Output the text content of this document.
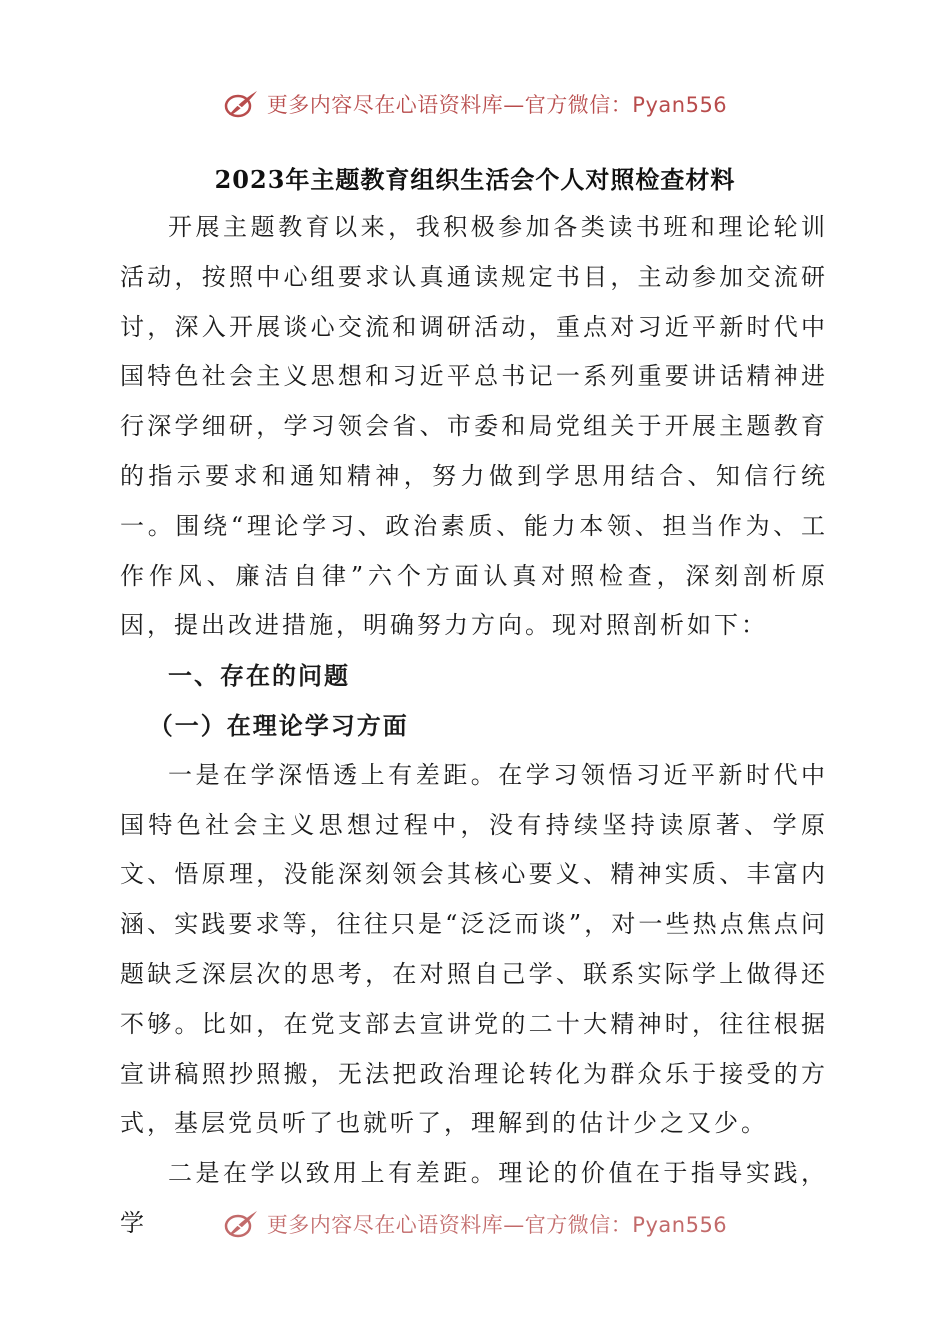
更多内容尽在心语资料库—官方微信：Pyan556
2023年主题教育组织生活会个人对照检查材料

开展主题教育以来，我积极参加各类读书班和理论轮训活动，按照中心组要求认真通读规定书目，主动参加交流研讨，深入开展谈心交流和调研活动，重点对习近平新时代中国特色社会主义思想和习近平总书记一系列重要讲话精神进行深学细研，学习领会省、市委和局党组关于开展主题教育的指示要求和通知精神，努力做到学思用结合、知信行统一。围绕“理论学习、政治素质、能力本领、担当作为、工作作风、廉洁自律”六个方面认真对照检查，深刻剖析原因，提出改进措施，明确努力方向。现对照剖析如下：

一、存在的问题
（一）在理论学习方面

一是在学深悟透上有差距。在学习领悟习近平新时代中国特色社会主义思想过程中，没有持续坚持读原著、学原文、悟原理，没能深刻领会其核心要义、精神实质、丰富内涵、实践要求等，往往只是“泛泛而谈”，对一些热点焦点问题缺乏深层次的思考，在对照自己学、联系实际学上做得还不够。比如，在党支部去宣讲党的二十大精神时，往往根据宣讲稿照抄照搬，无法把政治理论转化为群众乐于接受的方式，基层党员听了也就听了，理解到的估计少之又少。

二是在学以致用上有差距。理论的价值在于指导实践，学	更多内容尽在心语资料库—官方微信：Pyan556
